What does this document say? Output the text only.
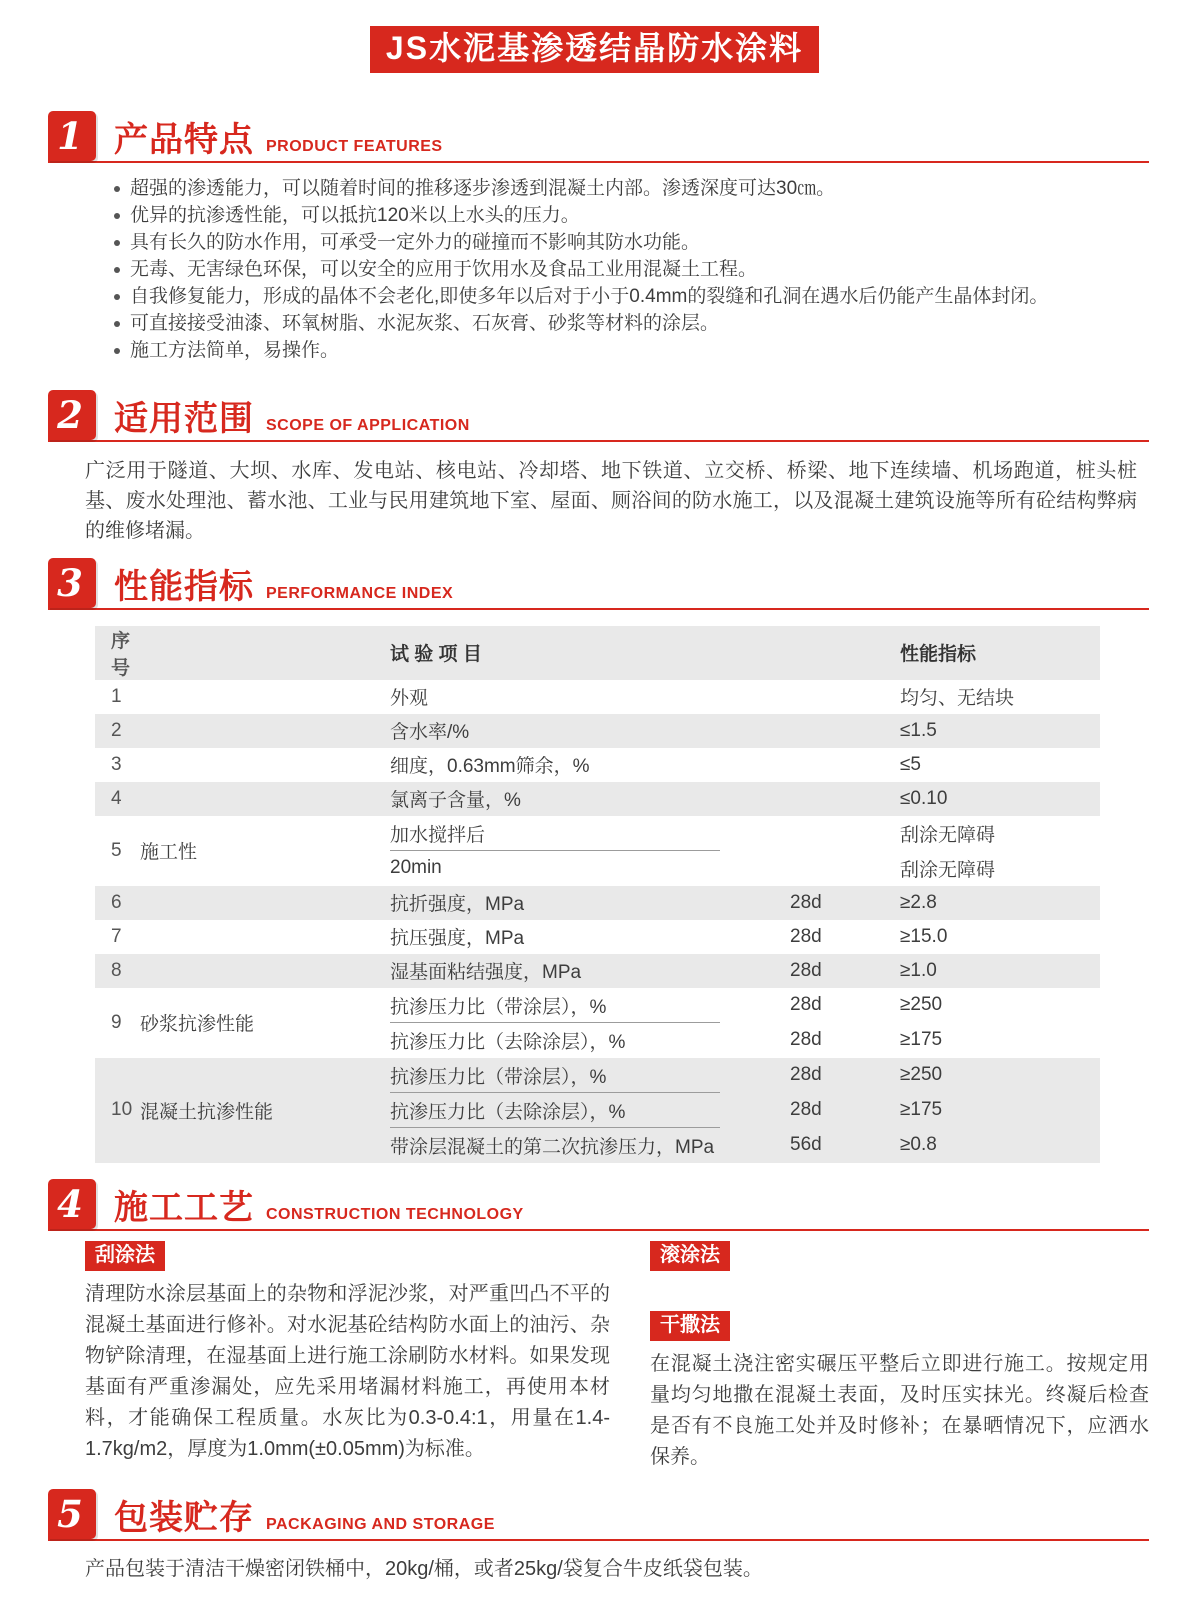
JS水泥基渗透结晶防水涂料
1 产品特点 PRODUCT FEATURES
超强的渗透能力，可以随着时间的推移逐步渗透到混凝土内部。渗透深度可达30㎝。
优异的抗渗透性能，可以抵抗120米以上水头的压力。
具有长久的防水作用，可承受一定外力的碰撞而不影响其防水功能。
无毒、无害绿色环保，可以安全的应用于饮用水及食品工业用混凝土工程。
自我修复能力，形成的晶体不会老化,即使多年以后对于小于0.4mm的裂缝和孔洞在遇水后仍能产生晶体封闭。
可直接接受油漆、环氧树脂、水泥灰浆、石灰膏、砂浆等材料的涂层。
施工方法简单，易操作。
2 适用范围 SCOPE OF APPLICATION

广泛用于隧道、大坝、水库、发电站、核电站、冷却塔、地下铁道、立交桥、桥梁、地下连续墙、机场跑道，桩头桩基、废水处理池、蓄水池、工业与民用建筑地下室、屋面、厕浴间的防水施工，以及混凝土建筑设施等所有砼结构弊病的维修堵漏。

3 性能指标 PERFORMANCE INDEX
序号
试 验 项 目	性能指标
1	外观	均匀、无结块
2	含水率/%	≤1.5
3	细度，0.63mm筛余，%	≤5
4	氯离子含量，%	≤0.10
5 施工性
加水搅拌后	刮涂无障碍
20min	刮涂无障碍
6	抗折强度，MPa	28d	≥2.8
7	抗压强度，MPa	28d	≥15.0
8	湿基面粘结强度，MPa	28d	≥1.0
9 砂浆抗渗性能
抗渗压力比（带涂层），%	28d	≥250
抗渗压力比（去除涂层），%	28d	≥175
10 混凝土抗渗性能
抗渗压力比（带涂层），%	28d	≥250
抗渗压力比（去除涂层），%	28d	≥175
带涂层混凝土的第二次抗渗压力，MPa	56d	≥0.8
4 施工工艺 CONSTRUCTION TECHNOLOGY
刮涂法

清理防水涂层基面上的杂物和浮泥沙浆，对严重凹凸不平的混凝土基面进行修补。对水泥基砼结构防水面上的油污、杂物铲除清理，在湿基面上进行施工涂刷防水材料。如果发现基面有严重渗漏处，应先采用堵漏材料施工，再使用本材料，才能确保工程质量。水灰比为0.3-0.4:1，用量在1.4-1.7kg/m2，厚度为1.0mm(±0.05mm)为标准。

滚涂法
干撒法

在混凝土浇注密实碾压平整后立即进行施工。按规定用量均匀地撒在混凝土表面，及时压实抹光。终凝后检查是否有不良施工处并及时修补；在暴晒情况下，应洒水保养。

5 包装贮存 PACKAGING AND STORAGE

产品包装于清洁干燥密闭铁桶中，20kg/桶，或者25kg/袋复合牛皮纸袋包装。
